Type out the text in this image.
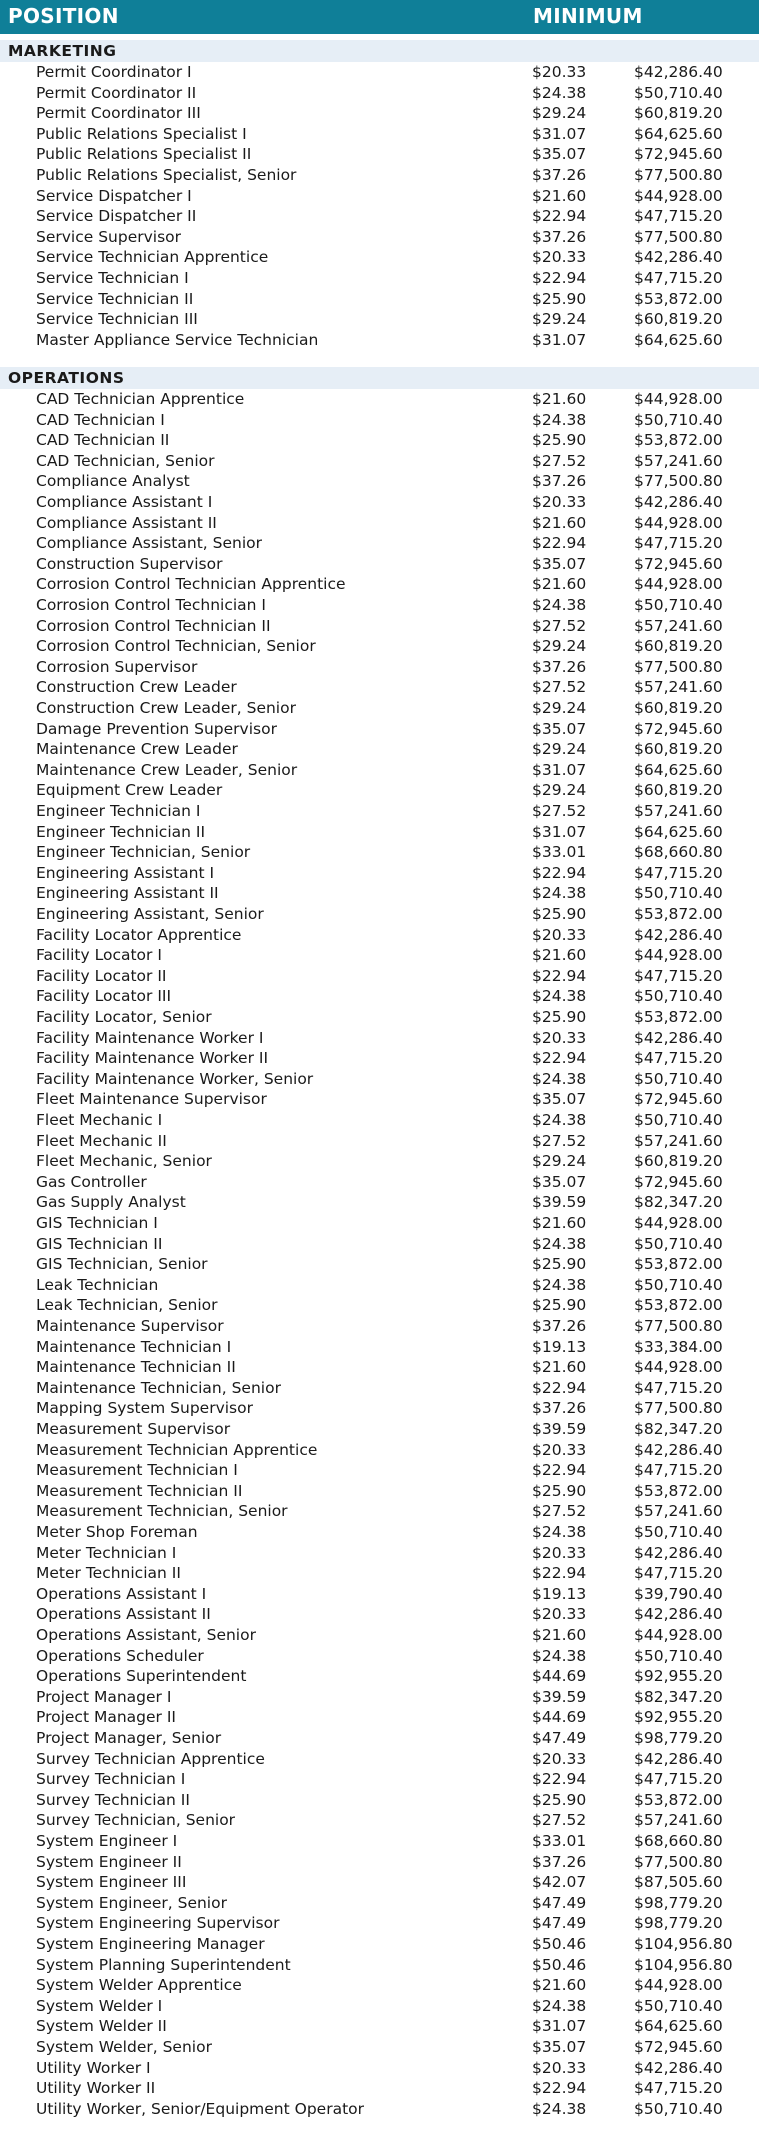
POSITION	MINIMUM
MARKETING
Permit Coordinator I	$20.33	$42,286.40
Permit Coordinator II	$24.38	$50,710.40
Permit Coordinator III	$29.24	$60,819.20
Public Relations Specialist I	$31.07	$64,625.60
Public Relations Specialist II	$35.07	$72,945.60
Public Relations Specialist, Senior	$37.26	$77,500.80
Service Dispatcher I	$21.60	$44,928.00
Service Dispatcher II	$22.94	$47,715.20
Service Supervisor	$37.26	$77,500.80
Service Technician Apprentice	$20.33	$42,286.40
Service Technician I	$22.94	$47,715.20
Service Technician II	$25.90	$53,872.00
Service Technician III	$29.24	$60,819.20
Master Appliance Service Technician	$31.07	$64,625.60
OPERATIONS
CAD Technician Apprentice	$21.60	$44,928.00
CAD Technician I	$24.38	$50,710.40
CAD Technician II	$25.90	$53,872.00
CAD Technician, Senior	$27.52	$57,241.60
Compliance Analyst	$37.26	$77,500.80
Compliance Assistant I	$20.33	$42,286.40
Compliance Assistant II	$21.60	$44,928.00
Compliance Assistant, Senior	$22.94	$47,715.20
Construction Supervisor	$35.07	$72,945.60
Corrosion Control Technician Apprentice	$21.60	$44,928.00
Corrosion Control Technician I	$24.38	$50,710.40
Corrosion Control Technician II	$27.52	$57,241.60
Corrosion Control Technician, Senior	$29.24	$60,819.20
Corrosion Supervisor	$37.26	$77,500.80
Construction Crew Leader	$27.52	$57,241.60
Construction Crew Leader, Senior	$29.24	$60,819.20
Damage Prevention Supervisor	$35.07	$72,945.60
Maintenance Crew Leader	$29.24	$60,819.20
Maintenance Crew Leader, Senior	$31.07	$64,625.60
Equipment Crew Leader	$29.24	$60,819.20
Engineer Technician I	$27.52	$57,241.60
Engineer Technician II	$31.07	$64,625.60
Engineer Technician, Senior	$33.01	$68,660.80
Engineering Assistant I	$22.94	$47,715.20
Engineering Assistant II	$24.38	$50,710.40
Engineering Assistant, Senior	$25.90	$53,872.00
Facility Locator Apprentice	$20.33	$42,286.40
Facility Locator I	$21.60	$44,928.00
Facility Locator II	$22.94	$47,715.20
Facility Locator III	$24.38	$50,710.40
Facility Locator, Senior	$25.90	$53,872.00
Facility Maintenance Worker I	$20.33	$42,286.40
Facility Maintenance Worker II	$22.94	$47,715.20
Facility Maintenance Worker, Senior	$24.38	$50,710.40
Fleet Maintenance Supervisor	$35.07	$72,945.60
Fleet Mechanic I	$24.38	$50,710.40
Fleet Mechanic II	$27.52	$57,241.60
Fleet Mechanic, Senior	$29.24	$60,819.20
Gas Controller	$35.07	$72,945.60
Gas Supply Analyst	$39.59	$82,347.20
GIS Technician I	$21.60	$44,928.00
GIS Technician II	$24.38	$50,710.40
GIS Technician, Senior	$25.90	$53,872.00
Leak Technician	$24.38	$50,710.40
Leak Technician, Senior	$25.90	$53,872.00
Maintenance Supervisor	$37.26	$77,500.80
Maintenance Technician I	$19.13	$33,384.00
Maintenance Technician II	$21.60	$44,928.00
Maintenance Technician, Senior	$22.94	$47,715.20
Mapping System Supervisor	$37.26	$77,500.80
Measurement Supervisor	$39.59	$82,347.20
Measurement Technician Apprentice	$20.33	$42,286.40
Measurement Technician I	$22.94	$47,715.20
Measurement Technician II	$25.90	$53,872.00
Measurement Technician, Senior	$27.52	$57,241.60
Meter Shop Foreman	$24.38	$50,710.40
Meter Technician I	$20.33	$42,286.40
Meter Technician II	$22.94	$47,715.20
Operations Assistant I	$19.13	$39,790.40
Operations Assistant II	$20.33	$42,286.40
Operations Assistant, Senior	$21.60	$44,928.00
Operations Scheduler	$24.38	$50,710.40
Operations Superintendent	$44.69	$92,955.20
Project Manager I	$39.59	$82,347.20
Project Manager II	$44.69	$92,955.20
Project Manager, Senior	$47.49	$98,779.20
Survey Technician Apprentice	$20.33	$42,286.40
Survey Technician I	$22.94	$47,715.20
Survey Technician II	$25.90	$53,872.00
Survey Technician, Senior	$27.52	$57,241.60
System Engineer I	$33.01	$68,660.80
System Engineer II	$37.26	$77,500.80
System Engineer III	$42.07	$87,505.60
System Engineer, Senior	$47.49	$98,779.20
System Engineering Supervisor	$47.49	$98,779.20
System Engineering Manager	$50.46	$104,956.80
System Planning Superintendent	$50.46	$104,956.80
System Welder Apprentice	$21.60	$44,928.00
System Welder I	$24.38	$50,710.40
System Welder II	$31.07	$64,625.60
System Welder, Senior	$35.07	$72,945.60
Utility Worker I	$20.33	$42,286.40
Utility Worker II	$22.94	$47,715.20
Utility Worker, Senior/Equipment Operator	$24.38	$50,710.40
